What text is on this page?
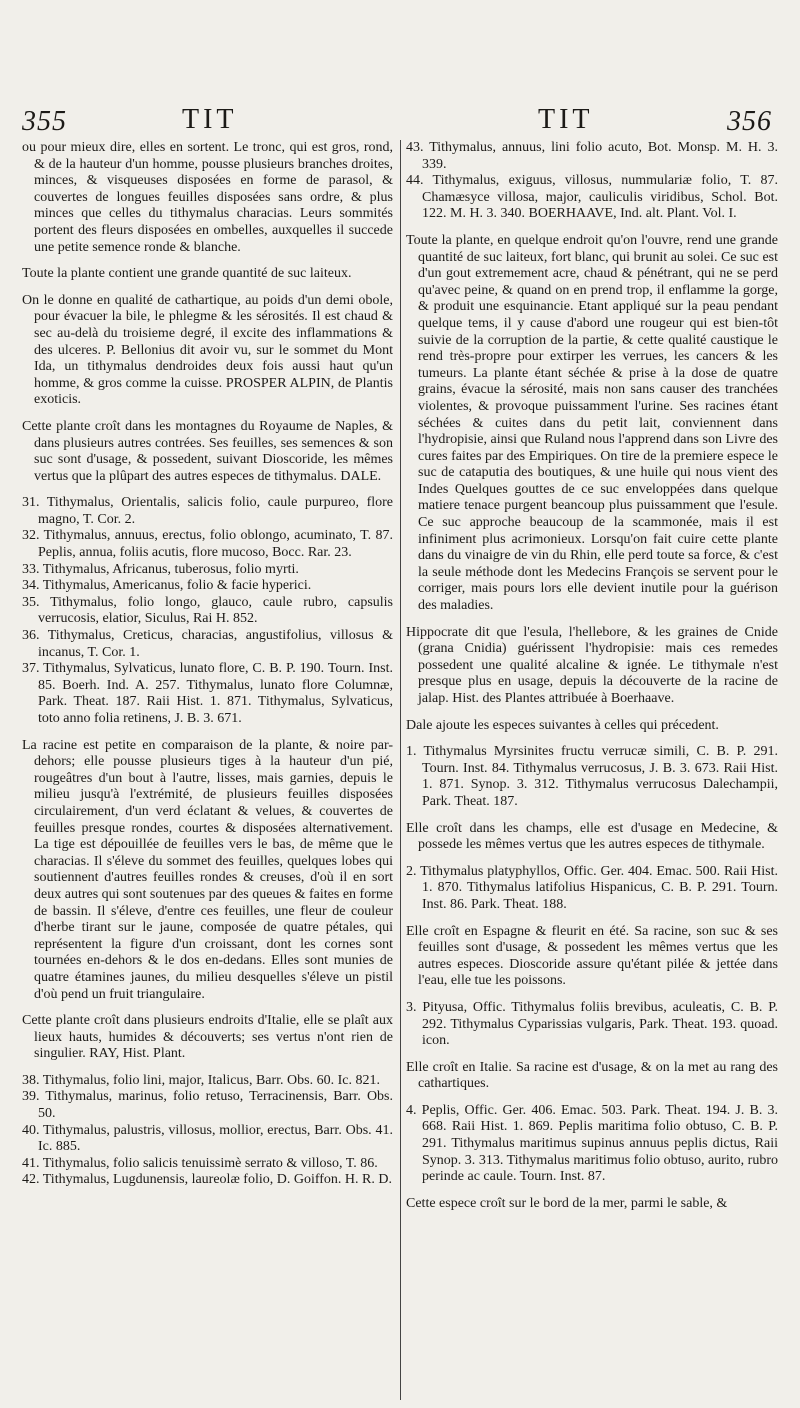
355	TIT	TIT	356

ou pour mieux dire, elles en sortent. Le tronc, qui est gros, rond, & de la hauteur d'un homme, pousse plusieurs branches droites, minces, & visqueuses disposées en forme de parasol, & couvertes de longues feuilles disposées sans ordre, & plus minces que celles du tithymalus characias. Leurs sommités portent des fleurs disposées en ombelles, auxquelles il succede une petite semence ronde & blanche.

Toute la plante contient une grande quantité de suc laiteux.

On le donne en qualité de cathartique, au poids d'un demi obole, pour évacuer la bile, le phlegme & les sérosités. Il est chaud & sec au-delà du troisieme degré, il excite des inflammations & des ulceres. P. Bellonius dit avoir vu, sur le sommet du Mont Ida, un tithymalus dendroides deux fois aussi haut qu'un homme, & gros comme la cuisse. PROSPER ALPIN, de Plantis exoticis.

Cette plante croît dans les montagnes du Royaume de Naples, & dans plusieurs autres contrées. Ses feuilles, ses semences & son suc sont d'usage, & possedent, suivant Dioscoride, les mêmes vertus que la plûpart des autres especes de tithymalus. DALE.

31. Tithymalus, Orientalis, salicis folio, caule purpureo, flore magno, T. Cor. 2.

32. Tithymalus, annuus, erectus, folio oblongo, acuminato, T. 87. Peplis, annua, foliis acutis, flore mucoso, Bocc. Rar. 23.

33. Tithymalus, Africanus, tuberosus, folio myrti.

34. Tithymalus, Americanus, folio & facie hyperici.

35. Tithymalus, folio longo, glauco, caule rubro, capsulis verrucosis, elatior, Siculus, Rai H. 852.

36. Tithymalus, Creticus, characias, angustifolius, villosus & incanus, T. Cor. 1.

37. Tithymalus, Sylvaticus, lunato flore, C. B. P. 190. Tourn. Inst. 85. Boerh. Ind. A. 257. Tithymalus, lunato flore Columnæ, Park. Theat. 187. Raii Hist. 1. 871. Tithymalus, Sylvaticus, toto anno folia retinens, J. B. 3. 671.

La racine est petite en comparaison de la plante, & noire par-dehors; elle pousse plusieurs tiges à la hauteur d'un pié, rougeâtres d'un bout à l'autre, lisses, mais garnies, depuis le milieu jusqu'à l'extrémité, de plusieurs feuilles disposées circulairement, d'un verd éclatant & velues, & couvertes de feuilles presque rondes, courtes & disposées alternativement. La tige est dépouillée de feuilles vers le bas, de même que le characias. Il s'éleve du sommet des feuilles, quelques lobes qui soutiennent d'autres feuilles rondes & creuses, d'où il en sort deux autres qui sont soutenues par des queues & faites en forme de bassin. Il s'éleve, d'entre ces feuilles, une fleur de couleur d'herbe tirant sur le jaune, composée de quatre pétales, qui représentent la figure d'un croissant, dont les cornes sont tournées en-dehors & le dos en-dedans. Elles sont munies de quatre étamines jaunes, du milieu desquelles s'éleve un pistil d'où pend un fruit triangulaire.

Cette plante croît dans plusieurs endroits d'Italie, elle se plaît aux lieux hauts, humides & découverts; ses vertus n'ont rien de singulier. RAY, Hist. Plant.

38. Tithymalus, folio lini, major, Italicus, Barr. Obs. 60. Ic. 821.

39. Tithymalus, marinus, folio retuso, Terracinensis, Barr. Obs. 50.

40. Tithymalus, palustris, villosus, mollior, erectus, Barr. Obs. 41. Ic. 885.

41. Tithymalus, folio salicis tenuissimè serrato & villoso, T. 86.

42. Tithymalus, Lugdunensis, laureolæ folio, D. Goiffon. H. R. D.

43. Tithymalus, annuus, lini folio acuto, Bot. Monsp. M. H. 3. 339.

44. Tithymalus, exiguus, villosus, nummulariæ folio, T. 87. Chamæsyce villosa, major, cauliculis viridibus, Schol. Bot. 122. M. H. 3. 340. BOERHAAVE, Ind. alt. Plant. Vol. I.

Toute la plante, en quelque endroit qu'on l'ouvre, rend une grande quantité de suc laiteux, fort blanc, qui brunit au solei. Ce suc est d'un gout extremement acre, chaud & pénétrant, qui ne se perd qu'avec peine, & quand on en prend trop, il enflamme la gorge, & produit une esquinancie. Etant appliqué sur la peau pendant quelque tems, il y cause d'abord une rougeur qui est bien-tôt suivie de la corruption de la partie, & cette qualité caustique le rend très-propre pour extirper les verrues, les cancers & les tumeurs. La plante étant séchée & prise à la dose de quatre grains, évacue la sérosité, mais non sans causer des tranchées violentes, & provoque puissamment l'urine. Ses racines étant séchées & cuites dans du petit lait, conviennent dans l'hydropisie, ainsi que Ruland nous l'apprend dans son Livre des cures faites par des Empiriques. On tire de la premiere espece le suc de cataputia des boutiques, & une huile qui nous vient des Indes Quelques gouttes de ce suc enveloppées dans quelque matiere tenace purgent beancoup plus puissamment que l'esule. Ce suc approche beaucoup de la scammonée, mais il est infiniment plus acrimonieux. Lorsqu'on fait cuire cette plante dans du vinaigre de vin du Rhin, elle perd toute sa force, & c'est la seule méthode dont les Medecins François se servent pour le corriger, mais pours lors elle devient inutile pour la guérison des maladies.

Hippocrate dit que l'esula, l'hellebore, & les graines de Cnide (grana Cnidia) guérissent l'hydropisie: mais ces remedes possedent une qualité alcaline & ignée. Le tithymale n'est presque plus en usage, depuis la découverte de la racine de jalap. Hist. des Plantes attribuée à Boerhaave.

Dale ajoute les especes suivantes à celles qui précedent.

1. Tithymalus Myrsinites fructu verrucæ simili, C. B. P. 291. Tourn. Inst. 84. Tithymalus verrucosus, J. B. 3. 673. Raii Hist. 1. 871. Synop. 3. 312. Tithymalus verrucosus Dalechampii, Park. Theat. 187.

Elle croît dans les champs, elle est d'usage en Medecine, & possede les mêmes vertus que les autres especes de tithymale.

2. Tithymalus platyphyllos, Offic. Ger. 404. Emac. 500. Raii Hist. 1. 870. Tithymalus latifolius Hispanicus, C. B. P. 291. Tourn. Inst. 86. Park. Theat. 188.

Elle croît en Espagne & fleurit en été. Sa racine, son suc & ses feuilles sont d'usage, & possedent les mêmes vertus que les autres especes. Dioscoride assure qu'étant pilée & jettée dans l'eau, elle tue les poissons.

3. Pityusa, Offic. Tithymalus foliis brevibus, aculeatis, C. B. P. 292. Tithymalus Cyparissias vulgaris, Park. Theat. 193. quoad. icon.

Elle croît en Italie. Sa racine est d'usage, & on la met au rang des cathartiques.

4. Peplis, Offic. Ger. 406. Emac. 503. Park. Theat. 194. J. B. 3. 668. Raii Hist. 1. 869. Peplis maritima folio obtuso, C. B. P. 291. Tithymalus maritimus supinus annuus peplis dictus, Raii Synop. 3. 313. Tithymalus maritimus folio obtuso, aurito, rubro perinde ac caule. Tourn. Inst. 87.

Cette espece croît sur le bord de la mer, parmi le sable, &
